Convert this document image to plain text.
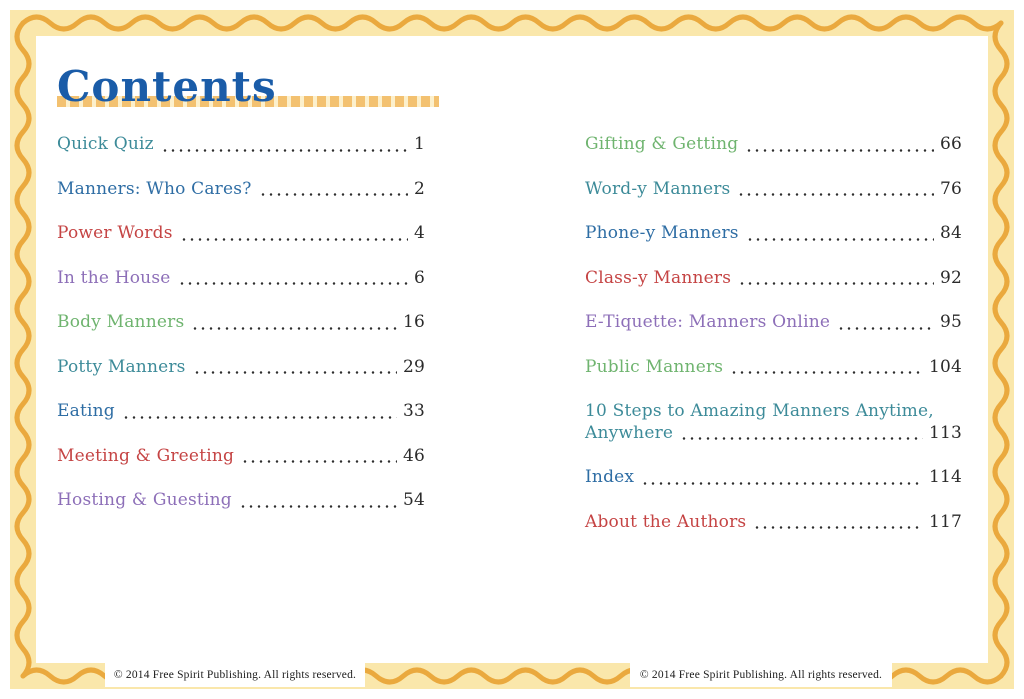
Contents
Quick Quiz	1
Manners: Who Cares?	2
Power Words	4
In the House	6
Body Manners	16
Potty Manners	29
Eating	33
Meeting & Greeting	46
Hosting & Guesting	54
Gifting & Getting	66
Word-y Manners	76
Phone-y Manners	84
Class-y Manners	92
E-Tiquette: Manners Online	95
Public Manners	104
10 Steps to Amazing Manners Anytime,
Anywhere	113
Index	114
About the Authors	117
© 2014 Free Spirit Publishing. All rights reserved.	© 2014 Free Spirit Publishing. All rights reserved.
